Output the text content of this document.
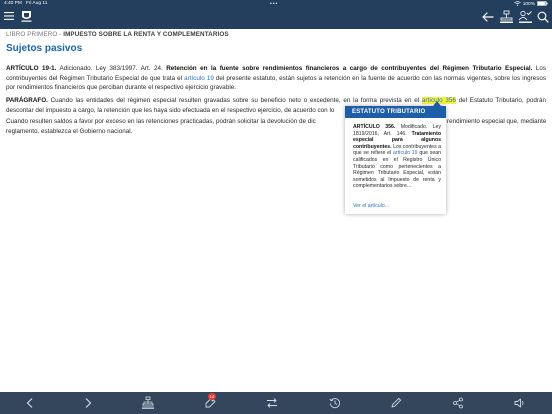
4:40 PM Fri Aug 11	•••	100%
LIBRO PRIMERO - IMPUESTO SOBRE LA RENTA Y COMPLEMENTARIOS
Sujetos pasivos
ARTÍCULO 19-1. Adicionado. Ley 383/1997. Art. 24. Retención en la fuente sobre rendimientos financieros a cargo de contribuyentes del Régimen Tributario Especial. Los contribuyentes del Régimen Tributario Especial de que trata el artículo 19 del presente estatuto, están sujetos a retención en la fuente de acuerdo con las normas vigentes, sobre los ingresos por rendimientos financieros que perciban durante el respectivo ejercicio gravable.
PARÁGRAFO. Cuando las entidades del régimen especial resulten gravadas sobre su beneficio neto o excedente, en la forma prevista en el artículo 356 del Estatuto Tributario, podrán descontar del impuesto a cargo, la retención que les haya sido efectuada en el respectivo ejercicio, de acuerdo con lo
Cuando resulten saldos a favor por exceso en las retenciones practicadas, podrán solicitar la devolución de dic	rendimiento especial que, mediante
reglamento, establezca el Gobierno nacional.
ESTATUTO TRIBUTARIO
ARTÍCULO 356. Modificado. Ley 1819/2016, Art. 146. Tratamiento especial para algunos contribuyentes. Los contribuyentes a que se refiere el artículo 19 que sean calificados en el Registro Único Tributario como pertenecientes a Régimen Tributario Especial, están sometidos al Impuesto de renta y complementarios sobre...
Ver el artículo...
14
